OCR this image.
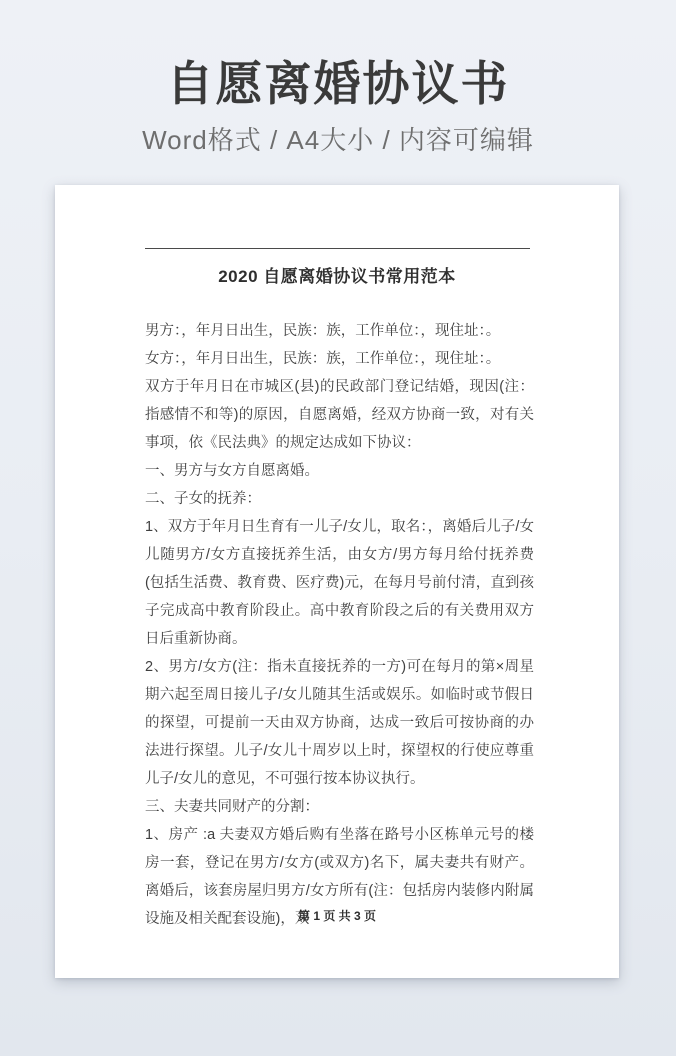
自愿离婚协议书
Word格式 / A4大小 / 内容可编辑
2020 自愿离婚协议书常用范本

男方：，年月日出生，民族：族，工作单位：，现住址：。

女方：，年月日出生，民族：族，工作单位：，现住址：。

双方于年月日在市城区(县)的民政部门登记结婚，现因(注：指感情不和等)的原因，自愿离婚，经双方协商一致，对有关事项，依《民法典》的规定达成如下协议：

一、男方与女方自愿离婚。

二、子女的抚养：

1、双方于年月日生育有一儿子/女儿，取名：，离婚后儿子/女儿随男方/女方直接抚养生活，由女方/男方每月给付抚养费(包括生活费、教育费、医疗费)元，在每月号前付清，直到孩子完成高中教育阶段止。高中教育阶段之后的有关费用双方日后重新协商。

2、男方/女方(注：指未直接抚养的一方)可在每月的第×周星期六起至周日接儿子/女儿随其生活或娱乐。如临时或节假日的探望，可提前一天由双方协商，达成一致后可按协商的办法进行探望。儿子/女儿十周岁以上时，探望权的行使应尊重儿子/女儿的意见，不可强行按本协议执行。

三、夫妻共同财产的分割：

1、房产 :a 夫妻双方婚后购有坐落在路号小区栋单元号的楼房一套，登记在男方/女方(或双方)名下，属夫妻共有财产。离婚后，该套房屋归男方/女方所有(注：包括房内装修内附属设施及相关配套设施)，双

第 1 页 共 3 页
